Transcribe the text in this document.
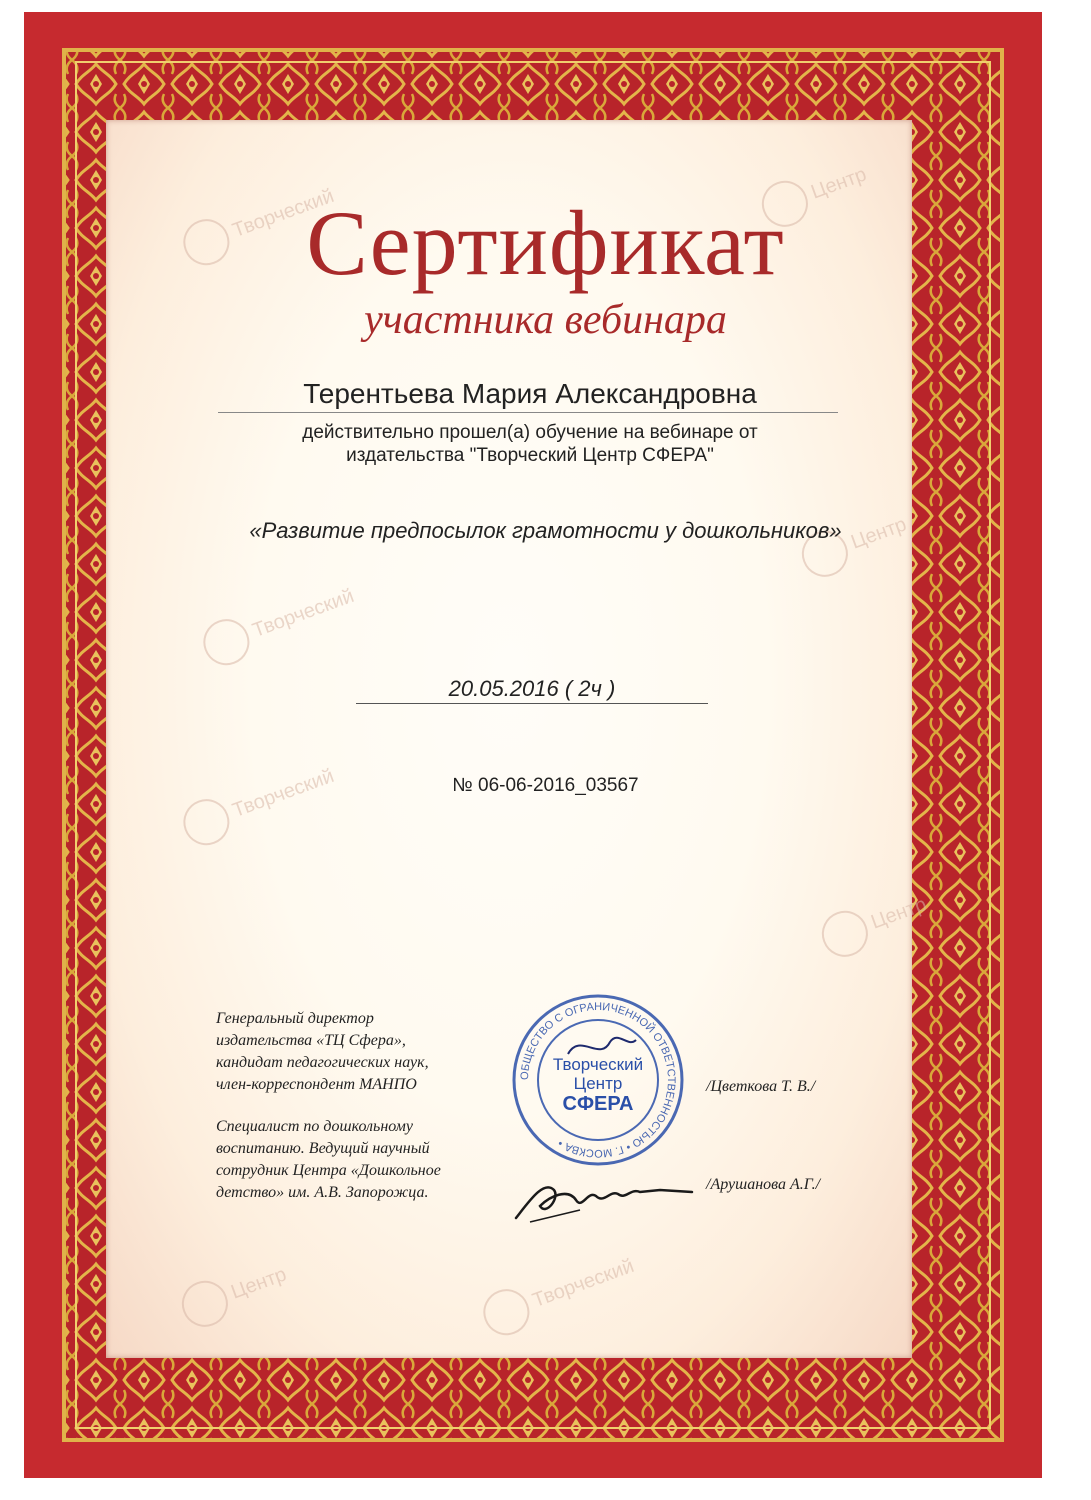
Творческий
Центр
Творческий
Центр
Творческий
Центр
Творческий
Центр
Сертификат
участника вебинара
Терентьева Мария Александровна
действительно прошел(а) обучение на вебинаре от
издательства "Творческий Центр СФЕРА"
«Развитие предпосылок грамотности у дошкольников»
20.05.2016 ( 2ч )
№ 06-06-2016_03567
Генеральный директор
издательства «ТЦ Сфера»,
кандидат педагогических наук,
член-корреспондент МАНПО	/Цветкова Т. В./
Специалист по дошкольному
воспитанию. Ведущий научный
сотрудник Центра «Дошкольное
детство» им. А.В. Запорожца.	/Арушанова А.Г./
ОБЩЕСТВО С ОГРАНИЧЕННОЙ ОТВЕТСТВЕННОСТЬЮ • Г. МОСКВА •
Творческий
Центр
СФЕРА
